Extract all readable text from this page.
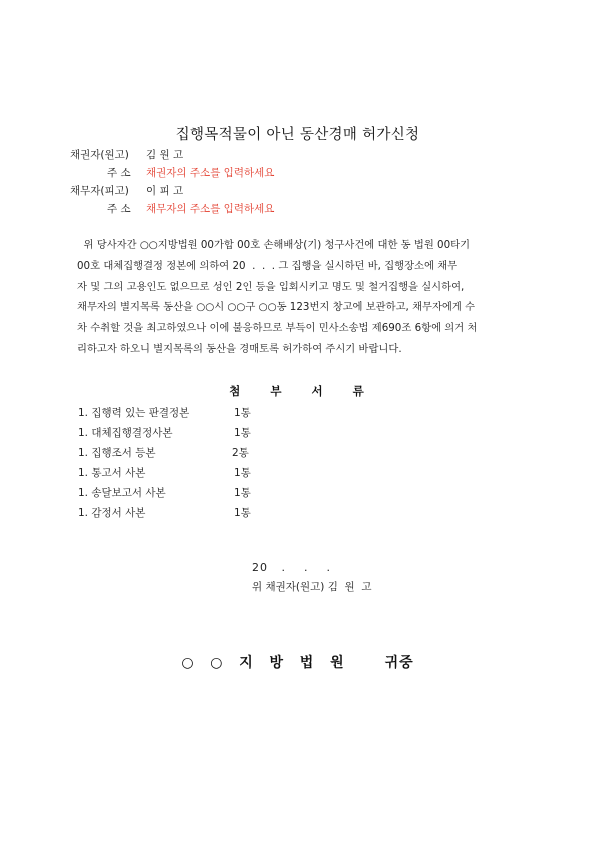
집행목적물이 아닌 동산경매 허가신청
채권자(원고) 김 원 고
주 소 채권자의 주소를 입력하세요
채무자(피고) 이 피 고
주 소 채무자의 주소를 입력하세요
위 당사자간 ○○지방법원 00가합 00호 손해배상(기) 청구사건에 대한 동 법원 00타기
00호 대체집행결정 정본에 의하여 20  .  .  . 그 집행을 실시하던 바, 집행장소에 채무
자 및 그의 고용인도 없으므로 성인 2인 등을 입회시키고 명도 및 철거집행을 실시하여,
채무자의 별지목록 동산을 ○○시 ○○구 ○○동 123번지 창고에 보관하고, 채무자에게 수
차 수취할 것을 최고하였으나 이에 불응하므로 부득이 민사소송법 제690조 6항에 의거 처
리하고자 하오니 별지목록의 동산을 경매토록 허가하여 주시기 바랍니다.
첨  부  서  류
1. 집행력 있는 판결정본	1통
1. 대체집행결정사본	1통
1. 집행조서 등본	2통
1. 통고서 사본	1통
1. 송달보고서 사본	1통
1. 감정서 사본	1통
20   .    .    .
위 채권자(원고) 김  원  고
○  ○  지  방  법  원	귀중
